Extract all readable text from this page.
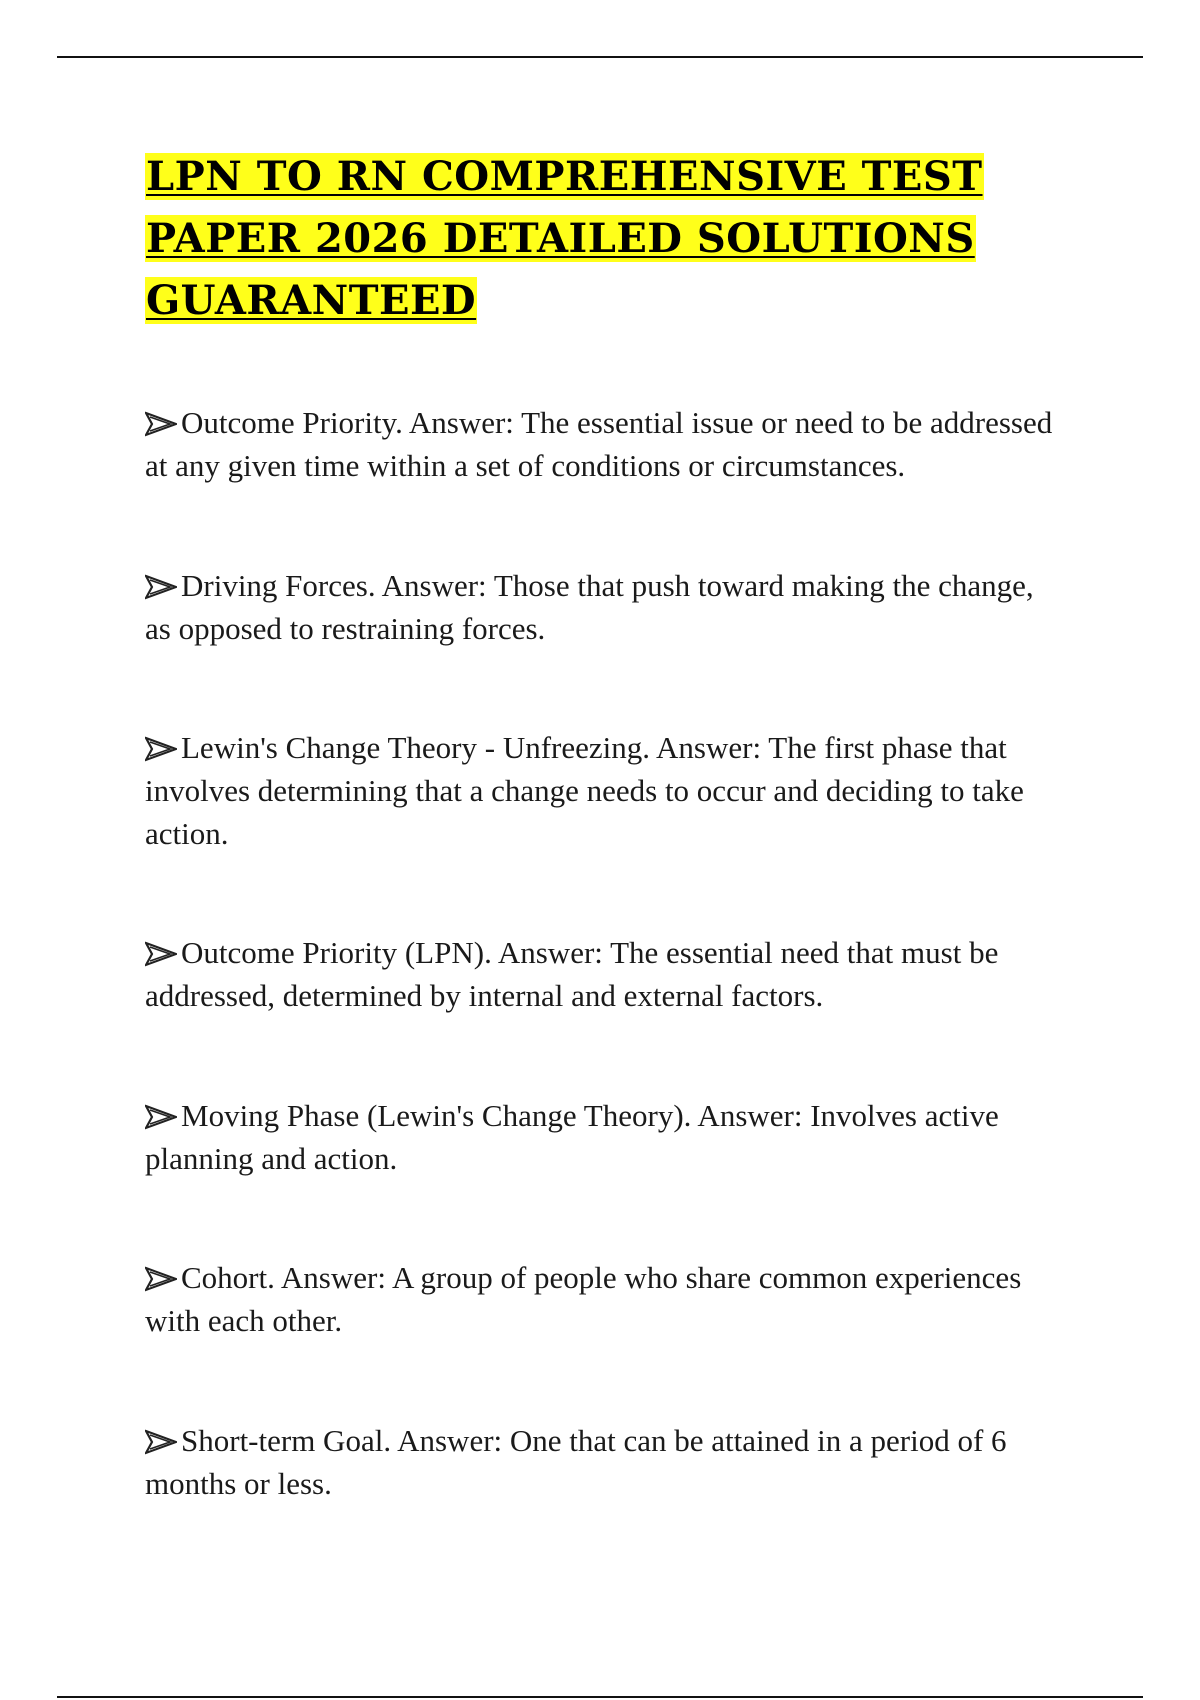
LPN TO RN COMPREHENSIVE TEST PAPER 2026 DETAILED SOLUTIONS GUARANTEED
Outcome Priority. Answer: The essential issue or need to be addressed at any given time within a set of conditions or circumstances.
Driving Forces. Answer: Those that push toward making the change, as opposed to restraining forces.
Lewin's Change Theory - Unfreezing. Answer: The first phase that involves determining that a change needs to occur and deciding to take action.
Outcome Priority (LPN). Answer: The essential need that must be addressed, determined by internal and external factors.
Moving Phase (Lewin's Change Theory). Answer: Involves active planning and action.
Cohort. Answer: A group of people who share common experiences with each other.
Short-term Goal. Answer: One that can be attained in a period of 6 months or less.
